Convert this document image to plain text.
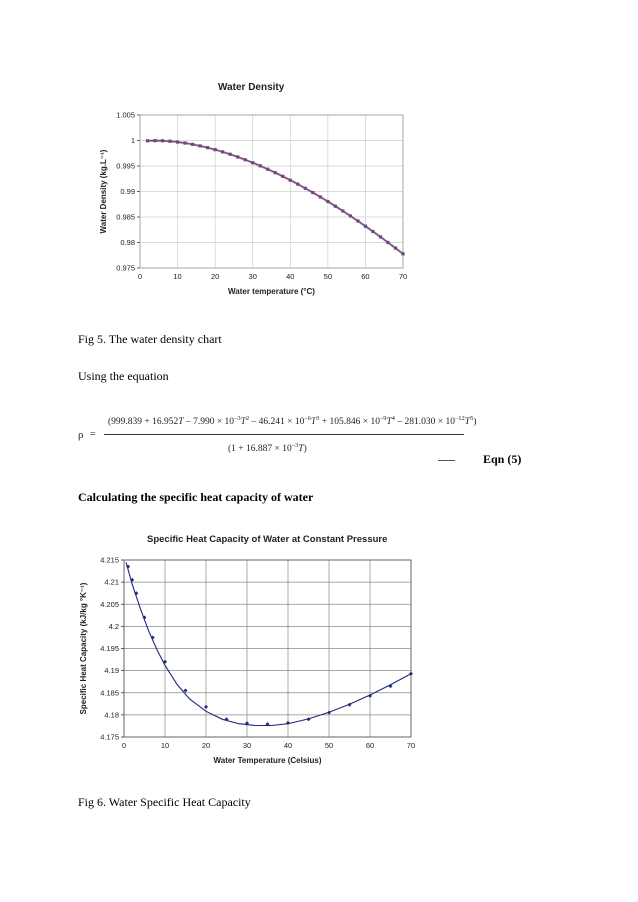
Water Density
0	10	20	30	40	50	60	70
0.975
0.98
0.985
0.99
0.995
1
1.005
Water temperature (°C)
Water Density (kg.L⁻¹)
Fig 5. The water density chart
Using the equation
ρ =
$(999.839 + 16.952T - 7.990 \times 10^{-3}T^2 - 46.241 \times 10^{-6}T^3 + 105.846 \times 10^{-9}T^4 - 281.030 \times 10^{-12}T^5)$
$(1 + 16.887 \times 10^{-3}T)$
Eqn (5)
Calculating the specific heat capacity of water
Specific Heat Capacity of Water at Constant Pressure
0	10	20	30	40	50	60	70
4.175
4.18
4.185
4.19
4.195
4.2
4.205
4.21
4.215
Water Temperature (Celsius)
Specific Heat Capacity (kJ/kg °K⁻¹)
Fig 6. Water Specific Heat Capacity
